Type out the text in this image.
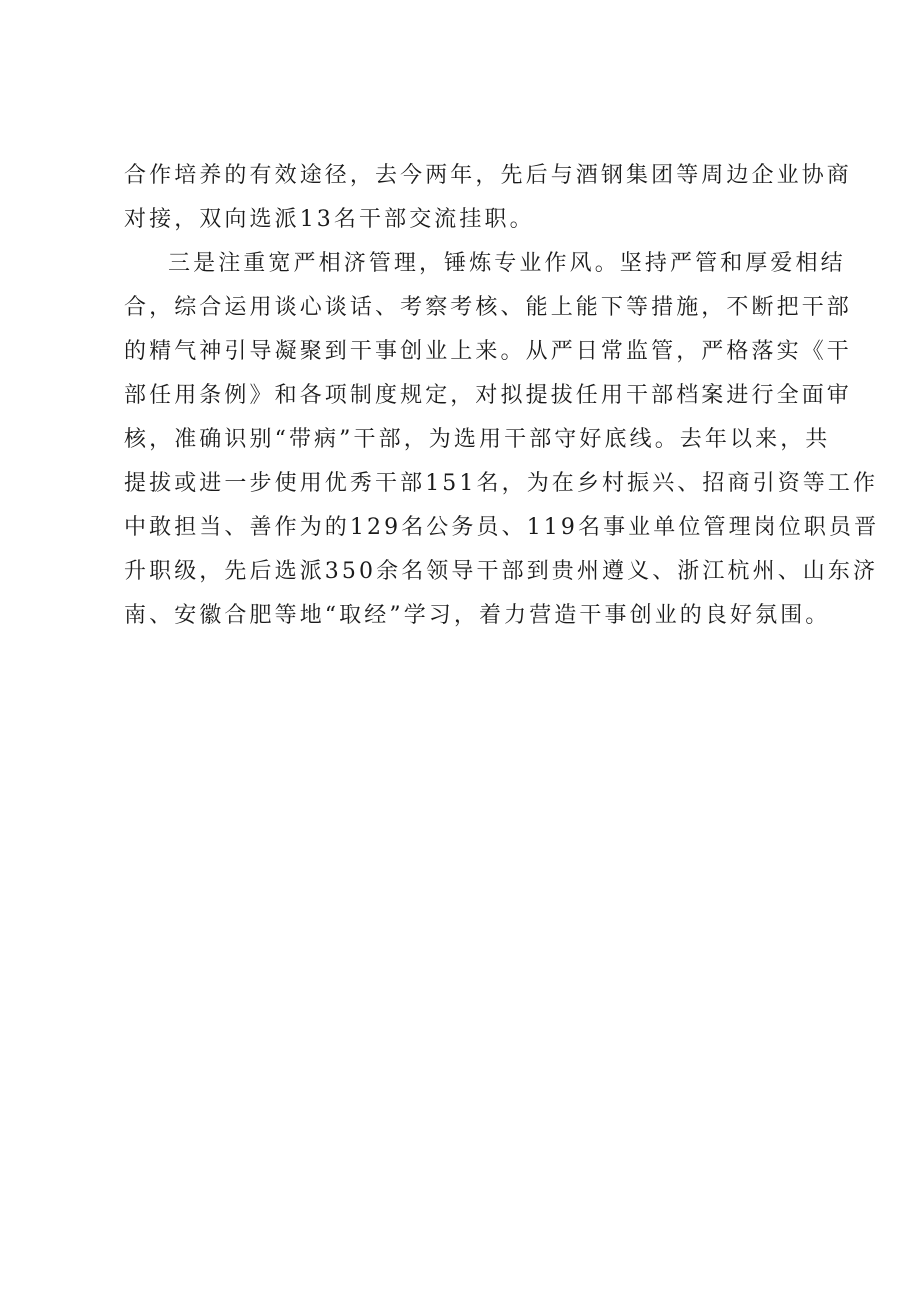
合作培养的有效途径，去今两年，先后与酒钢集团等周边企业协商
对接，双向选派13名干部交流挂职。
三是注重宽严相济管理，锤炼专业作风。坚持严管和厚爱相结
合，综合运用谈心谈话、考察考核、能上能下等措施，不断把干部
的精气神引导凝聚到干事创业上来。从严日常监管，严格落实《干
部任用条例》和各项制度规定，对拟提拔任用干部档案进行全面审
核，准确识别“带病”干部，为选用干部守好底线。去年以来，共
提拔或进一步使用优秀干部151名，为在乡村振兴、招商引资等工作
中敢担当、善作为的129名公务员、119名事业单位管理岗位职员晋
升职级，先后选派350余名领导干部到贵州遵义、浙江杭州、山东济
南、安徽合肥等地“取经”学习，着力营造干事创业的良好氛围。
